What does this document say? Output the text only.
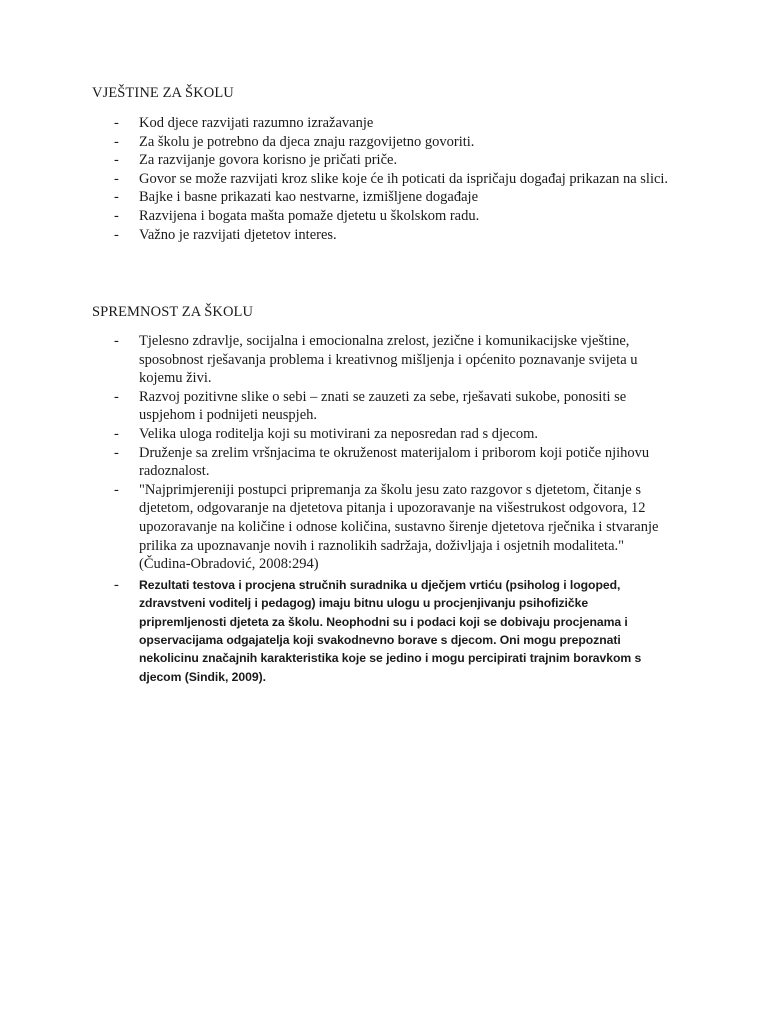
VJEŠTINE ZA ŠKOLU
- Kod djece razvijati razumno izražavanje
- Za školu je potrebno da djeca znaju razgovijetno govoriti.
- Za razvijanje govora korisno je pričati priče.
- Govor se može razvijati kroz slike koje će ih poticati da ispričaju događaj prikazan na slici.
- Bajke i basne prikazati kao nestvarne, izmišljene događaje
- Razvijena i bogata mašta pomaže djetetu u školskom radu.
- Važno je razvijati djetetov interes.
SPREMNOST ZA ŠKOLU
- Tjelesno zdravlje, socijalna i emocionalna zrelost, jezične i komunikacijske vještine, sposobnost rješavanja problema i kreativnog mišljenja i općenito poznavanje svijeta u kojemu živi.
- Razvoj pozitivne slike o sebi – znati se zauzeti za sebe, rješavati sukobe, ponositi se uspjehom i podnijeti neuspjeh.
- Velika uloga roditelja koji su motivirani za neposredan rad s djecom.
- Druženje sa zrelim vršnjacima te okruženost materijalom i priborom koji potiče njihovu radoznalost.
- "Najprimjereniji postupci pripremanja za školu jesu zato razgovor s djetetom, čitanje s djetetom, odgovaranje na djetetova pitanja i upozoravanje na višestrukost odgovora, 12 upozoravanje na količine i odnose količina, sustavno širenje djetetova rječnika i stvaranje prilika za upoznavanje novih i raznolikih sadržaja, doživljaja i osjetnih modaliteta." (Čudina-Obradović, 2008:294)
- Rezultati testova i procjena stručnih suradnika u dječjem vrtiću (psiholog i logoped, zdravstveni voditelj i pedagog) imaju bitnu ulogu u procjenjivanju psihofizičke pripremljenosti djeteta za školu. Neophodni su i podaci koji se dobivaju procjenama i opservacijama odgajatelja koji svakodnevno borave s djecom. Oni mogu prepoznati nekolicinu značajnih karakteristika koje se jedino i mogu percipirati trajnim boravkom s djecom (Sindik, 2009).
